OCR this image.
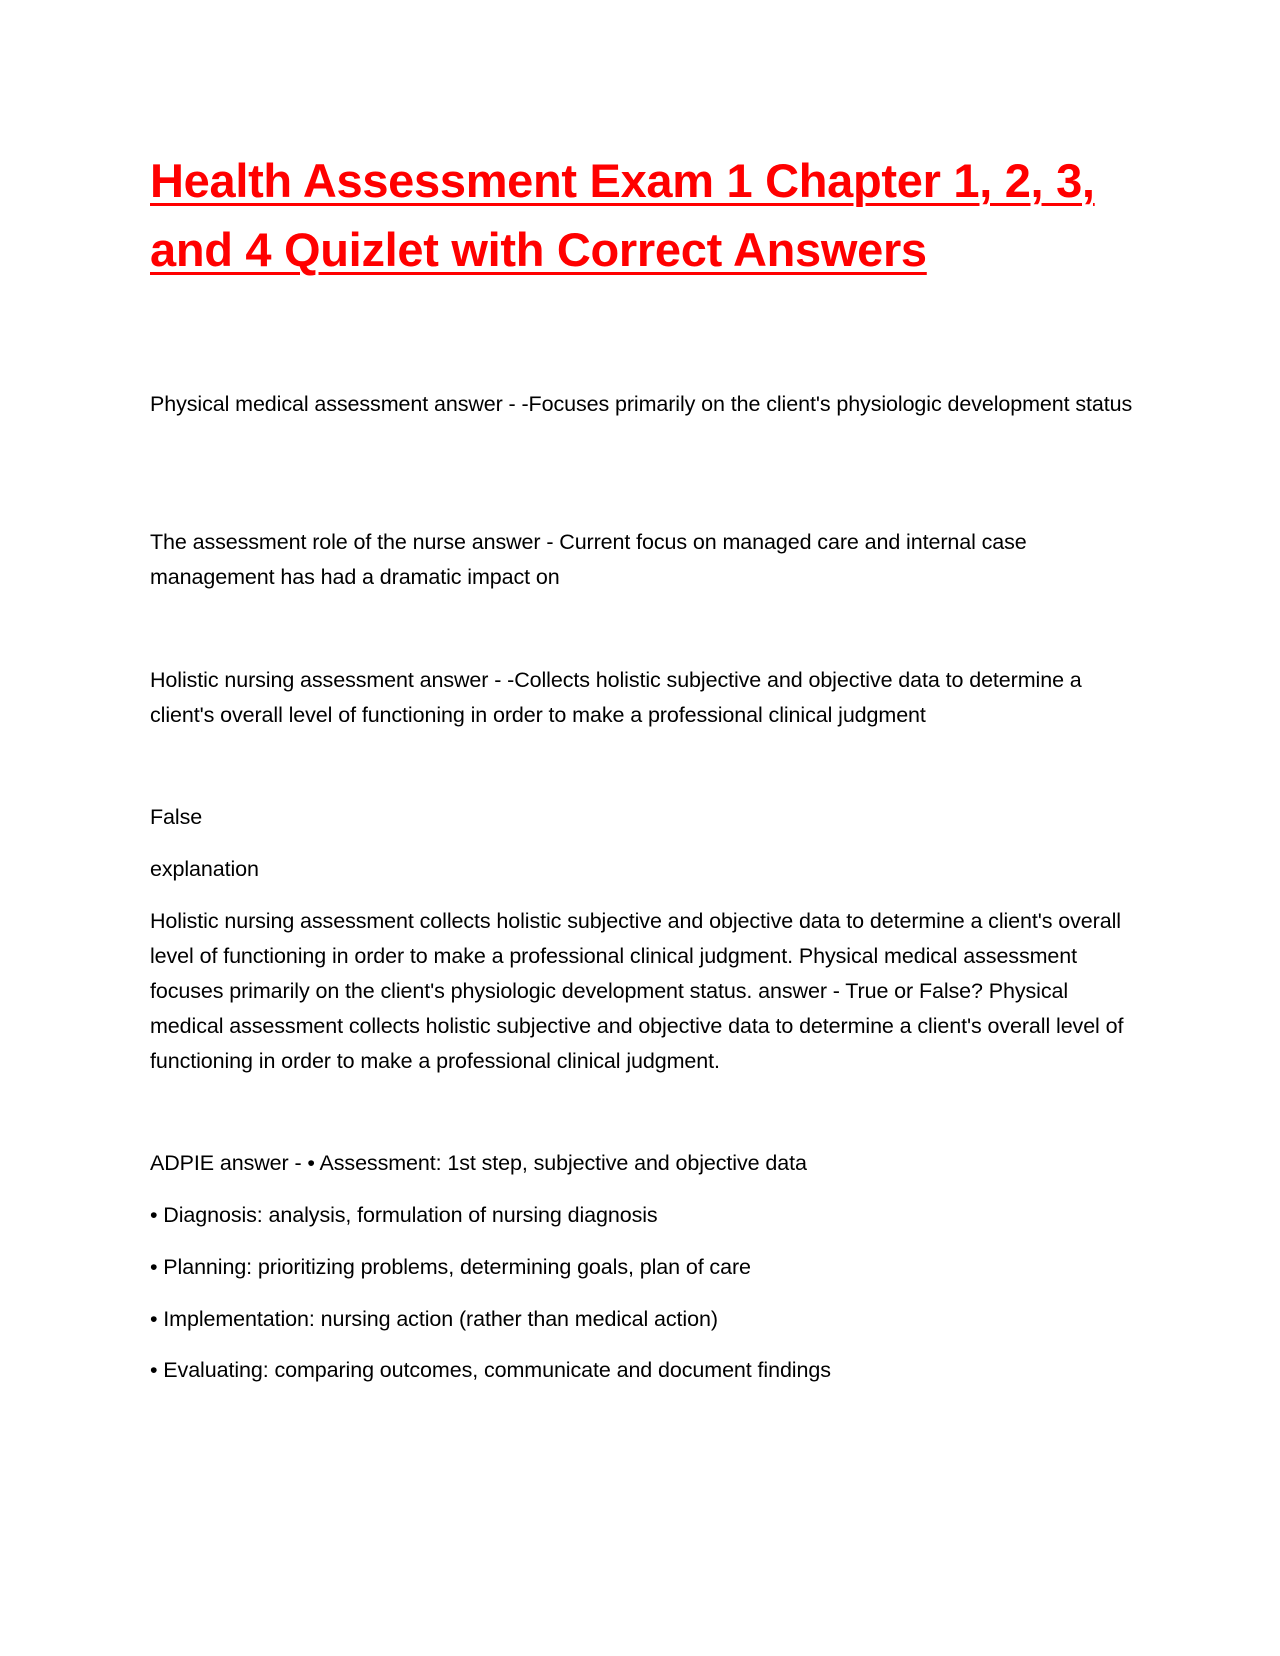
Health Assessment Exam 1 Chapter 1, 2, 3, and 4 Quizlet with Correct Answers

Physical medical assessment answer - -Focuses primarily on the client's physiologic development status

The assessment role of the nurse answer - Current focus on managed care and internal case management has had a dramatic impact on

Holistic nursing assessment answer - -Collects holistic subjective and objective data to determine a client's overall level of functioning in order to make a professional clinical judgment

False

explanation

Holistic nursing assessment collects holistic subjective and objective data to determine a client's overall level of functioning in order to make a professional clinical judgment. Physical medical assessment focuses primarily on the client's physiologic development status. answer - True or False? Physical medical assessment collects holistic subjective and objective data to determine a client's overall level of functioning in order to make a professional clinical judgment.

ADPIE answer - • Assessment: 1st step, subjective and objective data

• Diagnosis: analysis, formulation of nursing diagnosis

• Planning: prioritizing problems, determining goals, plan of care

• Implementation: nursing action (rather than medical action)

• Evaluating: comparing outcomes, communicate and document findings
